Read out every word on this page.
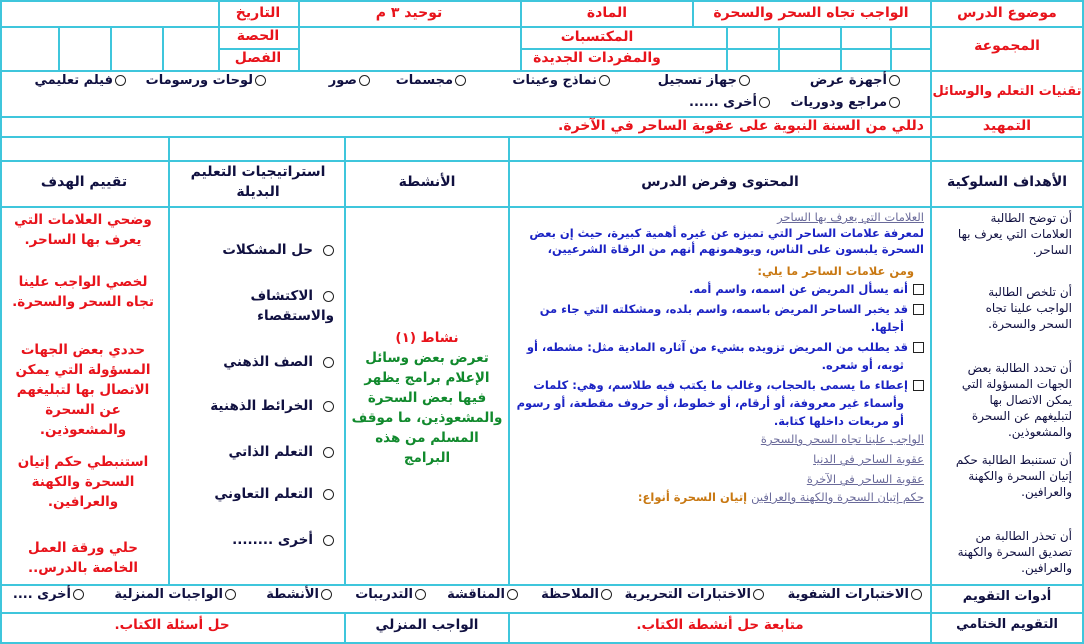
موضوع الدرس
الواجب تجاه السحر والسحرة
المادة
توحيد ٣ م
التاريخ
المجموعة
المكتسبات والمفردات الجديدة
الحصة
الفصل
تقنيات التعلم والوسائل
أجهزة عرض
جهاز تسجيل
نماذج وعينات
مجسمات
صور
لوحات ورسومات
فيلم تعليمي
مراجع ودوريات
أخرى ......
التمهيد
دللي من السنة النبوية على عقوبة الساحر في الآخرة.
الأهداف السلوكية
المحتوى وفرض الدرس
الأنشطة
استراتيجيات التعليم البديلة
تقييم الهدف
أن توضح الطالبة العلامات التي يعرف بها الساحر.
أن تلخص الطالبة الواجب علينا تجاه السحر والسحرة.
أن تحدد الطالبة بعض الجهات المسؤولة التي يمكن الاتصال بها لتبليغهم عن السحرة والمشعوذين.
أن تستنبط الطالبة حكم إتيان السحرة والكهنة والعرافين.
أن تحذر الطالبة من تصديق السحرة والكهنة والعرافين.
العلامات التي يعرف بها الساحر
لمعرفة علامات الساحر التي تميزه عن غيره أهمية كبيرة، حيث إن بعض
السحرة يلبسون على الناس، ويوهمونهم أنهم من الرقاة الشرعيين،
ومن علامات الساحر ما يلي:
أنه يسأل المريض عن اسمه، واسم أمه.
قد يخبر الساحر المريض باسمه، واسم بلده، ومشكلته التي جاء من
أجلها.
قد يطلب من المريض تزويده بشيء من آثاره المادية مثل: مشطه، أو
ثوبه، أو شعره.
إعطاء ما يسمى بالحجاب، وغالب ما يكتب فيه طلاسم، وهي: كلمات
وأسماء غير معروفة، أو أرقام، أو خطوط، أو حروف مقطعة، أو رسوم
أو مربعات داخلها كتابة.
الواجب علينا تجاه السحر والسحرة
عقوبة الساحر في الدنيا
عقوبة الساحر في الآخرة
حكم إتيان السحرة والكهنة والعرافين إتيان السحرة أنواع:
نشاط (١)
تعرض بعض وسائل الإعلام برامج يظهر فيها بعض السحرة
والمشعوذين، ما موقف المسلم من هذه البرامج
حل المشكلات
الاكتشاف والاستقصاء
الصف الذهني
الخرائط الذهنية
التعلم الذاتي
التعلم التعاوني
أخرى ........
وضحي العلامات التي يعرف بها الساحر.
لخصي الواجب علينا تجاه السحر والسحرة.
حددي بعض الجهات المسؤولة التي يمكن الاتصال بها لتبليغهم عن السحرة والمشعوذين.
استنبطي حكم إتيان السحرة والكهنة والعرافين.
حلي ورقة العمل الخاصة بالدرس..
أدوات التقويم
الاختبارات الشفوية
الاختبارات التحريرية
الملاحظة
المناقشة
التدريبات
الأنشطة
الواجبات المنزلية
أخرى ....
التقويم الختامي
متابعة حل أنشطة الكتاب.
الواجب المنزلي
حل أسئلة الكتاب.
